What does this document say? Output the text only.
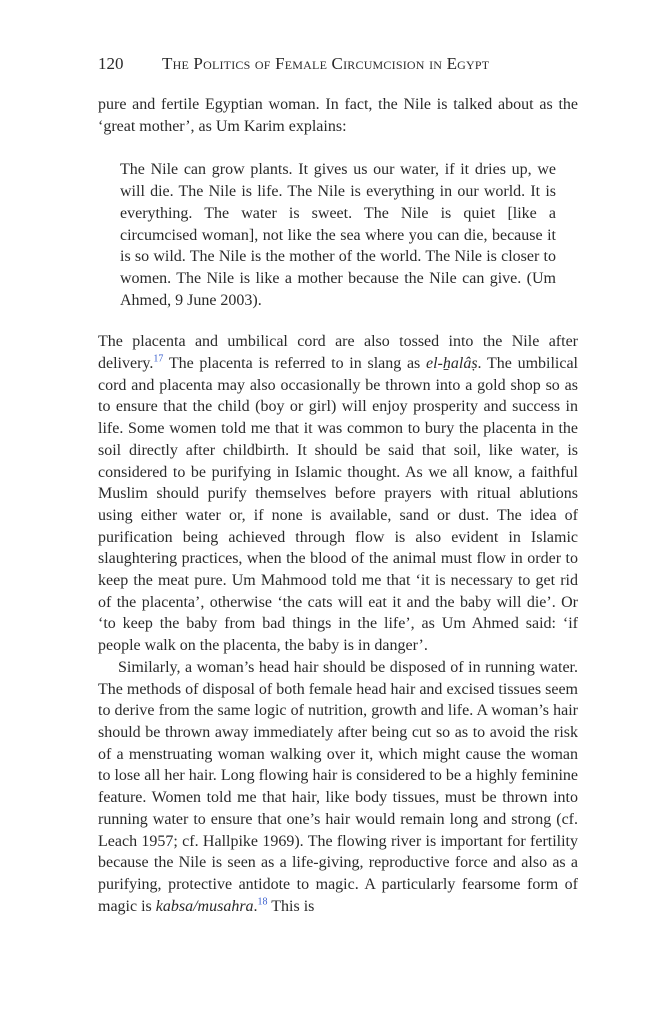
120	The Politics of Female Circumcision in Egypt

pure and fertile Egyptian woman. In fact, the Nile is talked about as the ‘great mother’, as Um Karim explains:

The Nile can grow plants. It gives us our water, if it dries up, we will die. The Nile is life. The Nile is everything in our world. It is everything. The water is sweet. The Nile is quiet [like a circumcised woman], not like the sea where you can die, because it is so wild. The Nile is the mother of the world. The Nile is closer to women. The Nile is like a mother because the Nile can give. (Um Ahmed, 9 June 2003).

The placenta and umbilical cord are also tossed into the Nile after delivery.$^{17}$ The placenta is referred to in slang as el-ẖalâṣ. The umbilical cord and placenta may also occasionally be thrown into a gold shop so as to ensure that the child (boy or girl) will enjoy prosperity and success in life. Some women told me that it was common to bury the placenta in the soil directly after childbirth. It should be said that soil, like water, is considered to be purifying in Islamic thought. As we all know, a faithful Muslim should purify themselves before prayers with ritual ablutions using either water or, if none is available, sand or dust. The idea of purification being achieved through flow is also evident in Islamic slaughtering practices, when the blood of the animal must flow in order to keep the meat pure. Um Mahmood told me that ‘it is necessary to get rid of the placenta’, otherwise ‘the cats will eat it and the baby will die’. Or ‘to keep the baby from bad things in the life’, as Um Ahmed said: ‘if people walk on the placenta, the baby is in danger’.

Similarly, a woman’s head hair should be disposed of in running water. The methods of disposal of both female head hair and excised tissues seem to derive from the same logic of nutrition, growth and life. A woman’s hair should be thrown away immediately after being cut so as to avoid the risk of a menstruating woman walking over it, which might cause the woman to lose all her hair. Long flowing hair is considered to be a highly feminine feature. Women told me that hair, like body tissues, must be thrown into running water to ensure that one’s hair would remain long and strong (cf. Leach 1957; cf. Hallpike 1969). The flowing river is important for fertility because the Nile is seen as a life-giving, reproductive force and also as a purifying, protective antidote to magic. A particularly fearsome form of magic is kabsa/musahra.$^{18}$ This is
